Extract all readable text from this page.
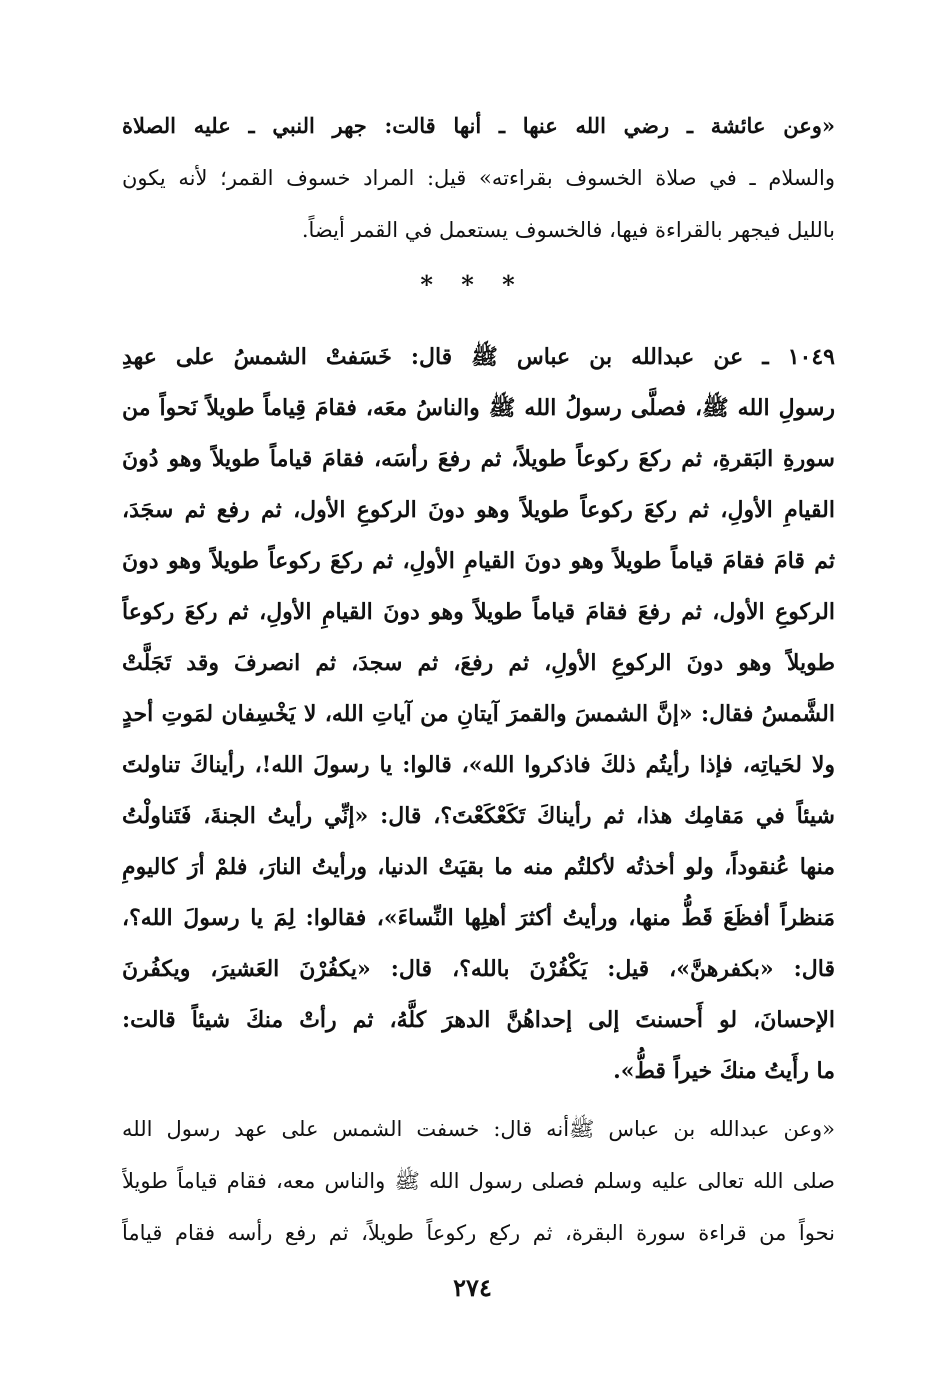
«وعن عائشة ـ رضي الله عنها ـ أنها قالت: جهر النبي ـ عليه الصلاة
والسلام ـ في صلاة الخسوف بقراءته» قيل: المراد خسوف القمر؛ لأنه يكون
بالليل فيجهر بالقراءة فيها، فالخسوف يستعمل في القمر أيضاً.
* * *
١٠٤٩ ـ عن عبدالله بن عباس ﷺ قال: خَسَفتْ الشمسُ على عهدِ
رسولِ الله ﷺ، فصلَّى رسولُ الله ﷺ والناسُ معَه، فقامَ قِياماً طويلاً نَحواً من
سورةِ البَقرةِ، ثم ركعَ ركوعاً طويلاً، ثم رفعَ رأسَه، فقامَ قياماً طويلاً وهو دُونَ
القيامِ الأولِ، ثم ركعَ ركوعاً طويلاً وهو دونَ الركوعِ الأول، ثم رفع ثم سجَدَ،
ثم قامَ فقامَ قياماً طويلاً وهو دونَ القيامِ الأولِ، ثم ركعَ ركوعاً طويلاً وهو دونَ
الركوعِ الأول، ثم رفعَ فقامَ قياماً طويلاً وهو دونَ القيامِ الأولِ، ثم ركعَ ركوعاً
طويلاً وهو دونَ الركوعِ الأولِ، ثم رفعَ، ثم سجدَ، ثم انصرفَ وقد تَجَلَّتْ
الشَّمسُ فقال: «إنَّ الشمسَ والقمرَ آيتانِ من آياتِ الله، لا يَخْسِفان لمَوتِ أحدٍ
ولا لحَياتِه، فإذا رأيتُم ذلكَ فاذكروا الله»، قالوا: يا رسولَ الله!، رأيناكَ تناولتَ
شيئاً في مَقامِك هذا، ثم رأيناكَ تَكَعْكَعْتَ؟، قال: «إنِّي رأيتُ الجنةَ، فَتَناولْتُ
منها عُنقوداً، ولو أخذتُه لأكلتُم منه ما بقيَتْ الدنيا، ورأيتُ النارَ، فلمْ أرَ كاليومِ
مَنظراً أفظَعَ قَطُّ منها، ورأيتُ أكثرَ أهلِها النِّساءَ»، فقالوا: لِمَ يا رسولَ الله؟،
قال: «بكفرهنَّ»، قيل: يَكْفُرْنَ بالله؟، قال: «يكفُرْنَ العَشيرَ، ويكفُرنَ
الإحسانَ، لو أَحسنتَ إلى إحداهُنَّ الدهرَ كلَّهُ، ثم رأتْ منكَ شيئاً قالت:
ما رأَيتُ منكَ خيراً قطُّ».
«وعن عبدالله بن عباس ﷺأنه قال: خسفت الشمس على عهد رسول الله
صلى الله تعالى عليه وسلم فصلى رسول الله ﷺ والناس معه، فقام قياماً طويلاً
نحواً من قراءة سورة البقرة، ثم ركع ركوعاً طويلاً، ثم رفع رأسه فقام قياماً
٢٧٤
